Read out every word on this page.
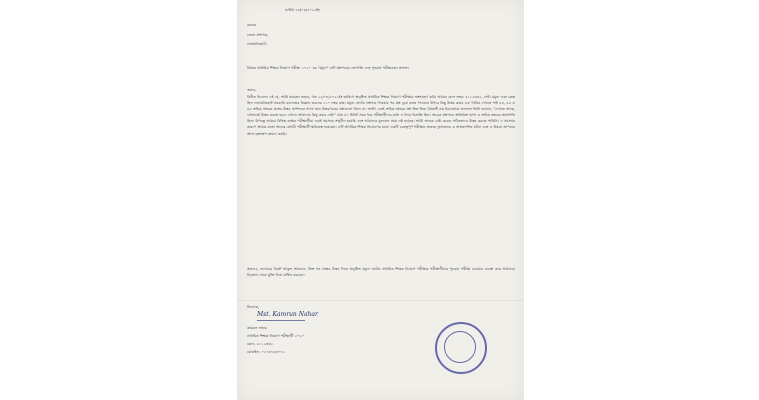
তারিখ ২৪/০৪/২০২২ইং
বরাবর
জেলা প্রশাসক,
লালমনিরহাট।
বিষয়ঃ প্রাথমিক শিক্ষক নিয়োগ পরীক্ষা ২০২০ এর "যমুনা" সেট প্রশ্নপত্রের ভোগান্তি এবং পুনরায় পরীক্ষগ্রহন প্রসঙ্গে।
জনাব,
বিনীত নিবেদন এই যে, আমি কামরুন নাহার, গত ২২/০৪/২০২২ইং তারিখে অনুষ্ঠিত প্রাথমিক শিক্ষক নিয়োগ পরীক্ষায় অংশগ্রহণ করি। আমার রোল নম্বর: ৫১১২৩৩২, সেট: যমুনা এবং কেন্দ্র ছিল লালমনিরহাট সরকারি কলেজের বিজ্ঞান ভবনের ২১০ নম্বর কক্ষ। যমুনা সেটের প্রশ্নপত্র পাওয়ার পর প্রশ্ন বুঝে কলম পাওয়ার উপরে কিছু উত্তর করার এক পর্যায়ে দেখতে পাই ৪৪, ৪৫ ও ৪৬ ক্রমিক নম্বরের প্রশ্নের উত্তর অপশনের সাথে অন্য উত্তরপত্রের প্রশ্নগুলো মিলে না। অর্থাৎ একই ক্রমিক নম্বরের প্রশ্ন ভিন্ন ভিন্ন। বিষয়টি রুম ইনচার্জকে জানালে তিনি জানান, "দেখতে আছে, সেভাবেই উত্তর করতে হবে। এখানে আমাদের কিছু করার নেই।" প্রায় ৪০ মিনিট সময় ধরে পরীক্ষার্থীদের মধ্যে এ নিয়ে বিভ্রান্তি ছিল। অনেক প্রশ্নপত্রে অতিরিক্ত ছাপা ও ক্রমিক নম্বরের অসংগতি ছিল। উপরন্তু আমরা বিভিন্ন কক্ষের পরীক্ষার্থীরা একই সমস্যার সম্মুখীন হয়েছি এবং আমাদের মূল্যবান সময় নষ্ট হয়েছে। আমি অনেক চেষ্টা করেও সঠিকভাবে উত্তর করতে পারিনি। এ সমস্যার কারণে আমার মতো অনেক মেধাবী পরীক্ষার্থী ক্ষতিগ্রস্ত হয়েছেন। এটি প্রাথমিক শিক্ষক নিয়োগের মতো একটি গুরুত্বপূর্ণ পরীক্ষায় অত্যন্ত দুঃখজনক ও অপ্রত্যাশিত ঘটনা এবং এ বিষয়ে আপনার আশু হস্তক্ষেপ কামনা করছি।
অতএব, জনাবের নিকট আকুল আবেদন, উক্ত সব প্রশ্নের উত্তর দিতে অনুষ্ঠিত যমুনা সেটের প্রাথমিক শিক্ষক নিয়োগ পরীক্ষার পরীক্ষার্থীদের পুনরায় পরীক্ষা নেওয়ার ব্যবস্থা করে আমাদের বিড়ম্বনা থেকে মুক্তি দিয়ে বাধিত করবেন।
নিবেদক,
Mst. Kamrun Nahar
কামরুন নাহার
প্রাথমিক শিক্ষক নিয়োগ পরীক্ষার্থী ২০২০
রোল- ৫১১২৩৩২
মোবাইল- ০১৭৩৭৫৩০৭২
